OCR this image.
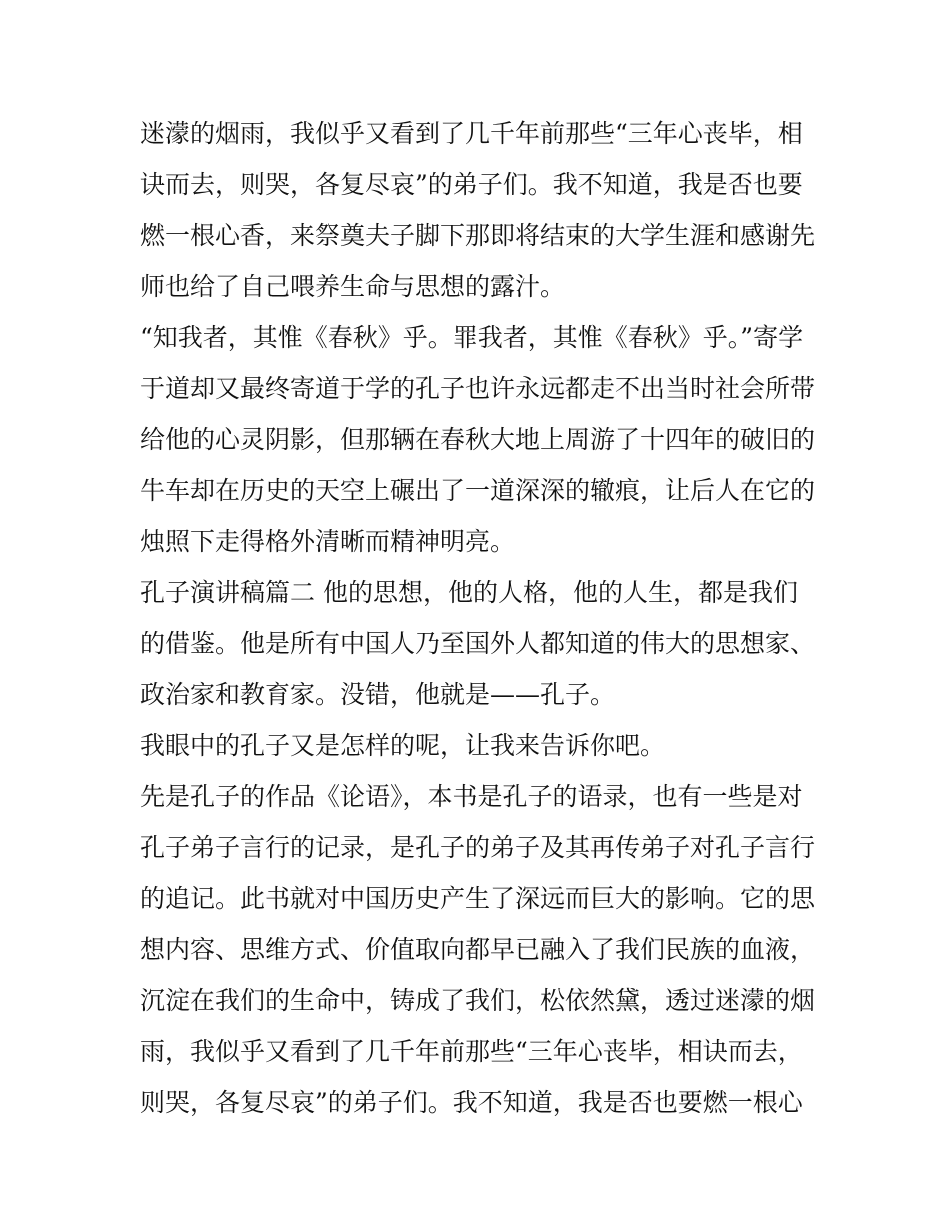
迷濛的烟雨，我似乎又看到了几千年前那些“三年心丧毕，相
诀而去，则哭，各复尽哀”的弟子们。我不知道，我是否也要
燃一根心香，来祭奠夫子脚下那即将结束的大学生涯和感谢先
师也给了自己喂养生命与思想的露汁。
“知我者，其惟《春秋》乎。罪我者，其惟《春秋》乎。”寄学
于道却又最终寄道于学的孔子也许永远都走不出当时社会所带
给他的心灵阴影，但那辆在春秋大地上周游了十四年的破旧的
牛车却在历史的天空上碾出了一道深深的辙痕，让后人在它的
烛照下走得格外清晰而精神明亮。
孔子演讲稿篇二 他的思想，他的人格，他的人生，都是我们
的借鉴。他是所有中国人乃至国外人都知道的伟大的思想家、
政治家和教育家。没错，他就是——孔子。
我眼中的孔子又是怎样的呢，让我来告诉你吧。
先是孔子的作品《论语》，本书是孔子的语录，也有一些是对
孔子弟子言行的记录，是孔子的弟子及其再传弟子对孔子言行
的追记。此书就对中国历史产生了深远而巨大的影响。它的思
想内容、思维方式、价值取向都早已融入了我们民族的血液，
沉淀在我们的生命中，铸成了我们，松依然黛，透过迷濛的烟
雨，我似乎又看到了几千年前那些“三年心丧毕，相诀而去，
则哭，各复尽哀”的弟子们。我不知道，我是否也要燃一根心
